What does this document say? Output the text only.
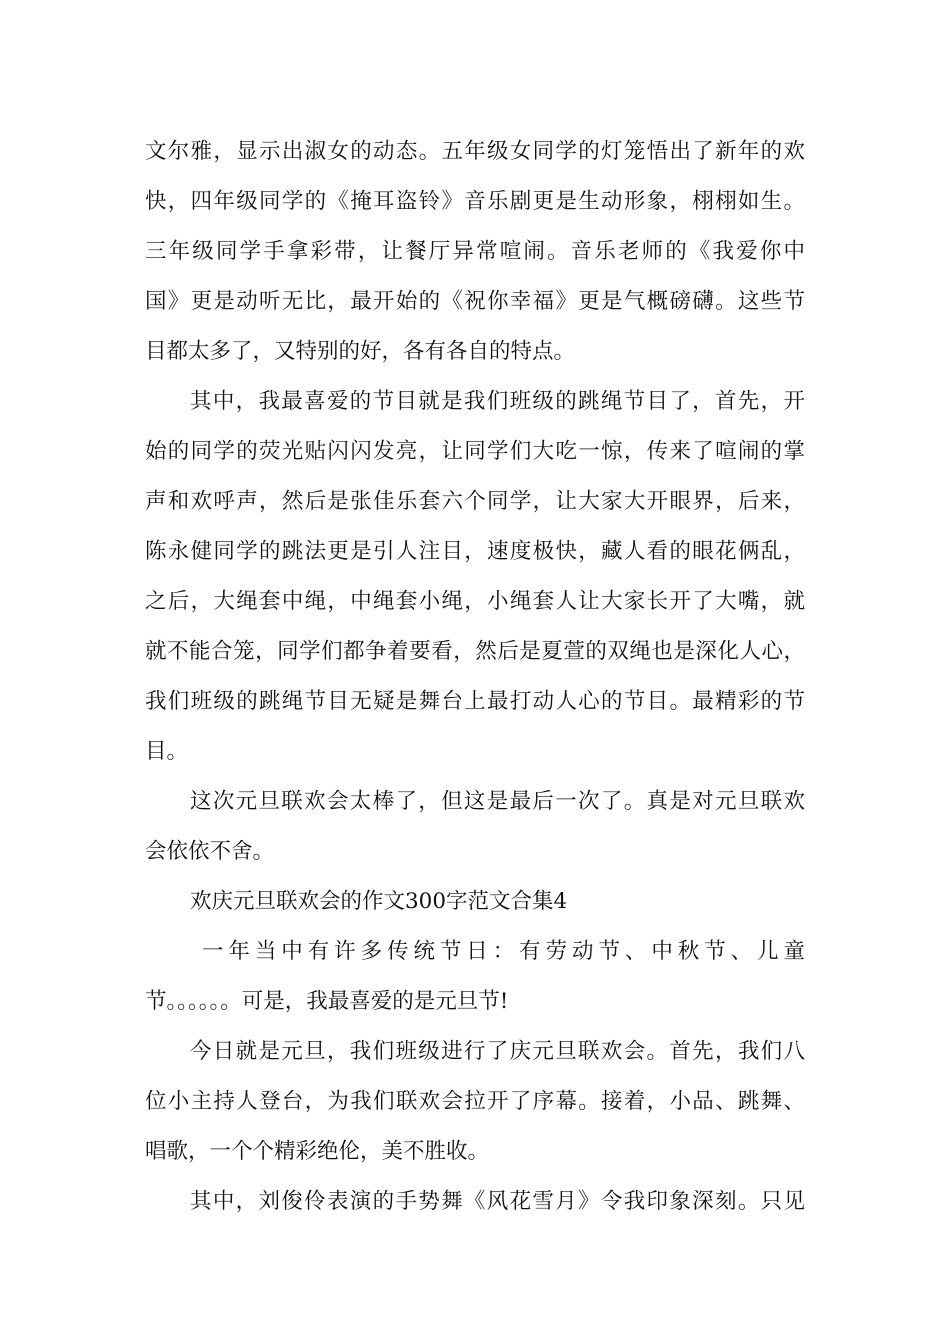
文尔雅，显示出淑女的动态。五年级女同学的灯笼悟出了新年的欢

快，四年级同学的《掩耳盗铃》音乐剧更是生动形象，栩栩如生。

三年级同学手拿彩带，让餐厅异常喧闹。音乐老师的《我爱你中

国》更是动听无比，最开始的《祝你幸福》更是气概磅礴。这些节

目都太多了，又特别的好，各有各自的特点。

其中，我最喜爱的节目就是我们班级的跳绳节目了，首先，开

始的同学的荧光贴闪闪发亮，让同学们大吃一惊，传来了喧闹的掌

声和欢呼声，然后是张佳乐套六个同学，让大家大开眼界，后来，

陈永健同学的跳法更是引人注目，速度极快，藏人看的眼花俩乱，

之后，大绳套中绳，中绳套小绳，小绳套人让大家长开了大嘴，就

就不能合笼，同学们都争着要看，然后是夏萱的双绳也是深化人心，

我们班级的跳绳节目无疑是舞台上最打动人心的节目。最精彩的节

目。

这次元旦联欢会太棒了，但这是最后一次了。真是对元旦联欢

会依依不舍。

欢庆元旦联欢会的作文300字范文合集4

一年当中有许多传统节日：有劳动节、中秋节、儿童

节。。。。。。可是，我最喜爱的是元旦节!

今日就是元旦，我们班级进行了庆元旦联欢会。首先，我们八

位小主持人登台，为我们联欢会拉开了序幕。接着，小品、跳舞、

唱歌，一个个精彩绝伦，美不胜收。

其中，刘俊伶表演的手势舞《风花雪月》令我印象深刻。只见
